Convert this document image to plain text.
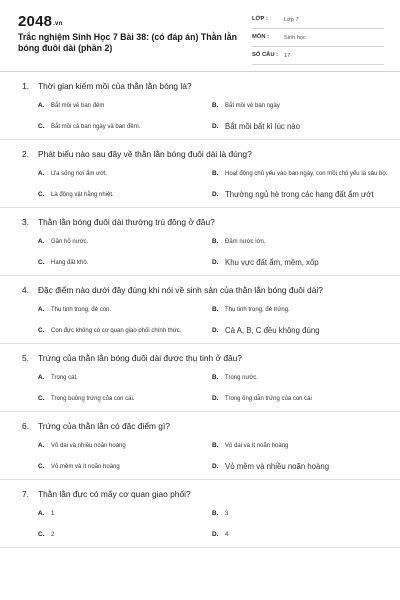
2048.vn
Trắc nghiệm Sinh Học 7 Bài 38: (có đáp án) Thằn lằn bóng đuôi dài (phần 2)
LỚP :	Lớp 7
MÔN :	Sinh học
SỐ CÂU : 17
1.	Thời gian kiếm mồi của thằn lằn bóng là?
A.	Bắt mồi về ban đêm	B.	Bắt mồi về ban ngày
C.	Bắt mồi cả ban ngày và ban đêm.	D. Bắt mồi bất kì lúc nào
2.	Phát biểu nào sau đây về thằn lằn bóng đuôi dài là đúng?
A.	Ưa sống nơi ẩm ướt.	B.	Hoạt động chủ yếu vào ban ngày, con mồi chủ yếu là sâu bọ.
C.	Là động vật hằng nhiệt.	D. Thường ngủ hè trong các hang đất ẩm ướt
3.	Thằn lằn bóng đuôi dài thường trú đông ở đâu?
A.	Gần hồ nước.	B.	Đầm nước lớn.
C.	Hang đất khô.	D. Khu vực đất ẩm, mềm, xốp
4.	Đặc điểm nào dưới đây đúng khi nói về sinh sản của thằn lằn bóng đuôi dài?
A.	Thụ tinh trong, đẻ con.	B.	Thụ tinh trong, đẻ trứng.
C.	Con đực không có cơ quan giao phối chính thức.	D. Cả A, B, C đều không đúng
5.	Trứng của thằn lằn bóng đuôi dài được thụ tinh ở đâu?
A.	Trong cát.	B.	Trong nước.
C.	Trong buồng trứng của con cái.	D.	Trong ống dẫn trứng của con cái
6.	Trứng của thằn lằn có đặc điểm gì?
A.	Vỏ dai và nhiều noãn hoàng	B.	Vỏ dai và ít noãn hoàng
C.	Vỏ mềm và ít noãn hoàng	D. Vỏ mềm và nhiều noãn hoàng
7.	Thằn lằn đực có mấy cơ quan giao phối?
A.	1	B.	3
C.	2	D.	4
